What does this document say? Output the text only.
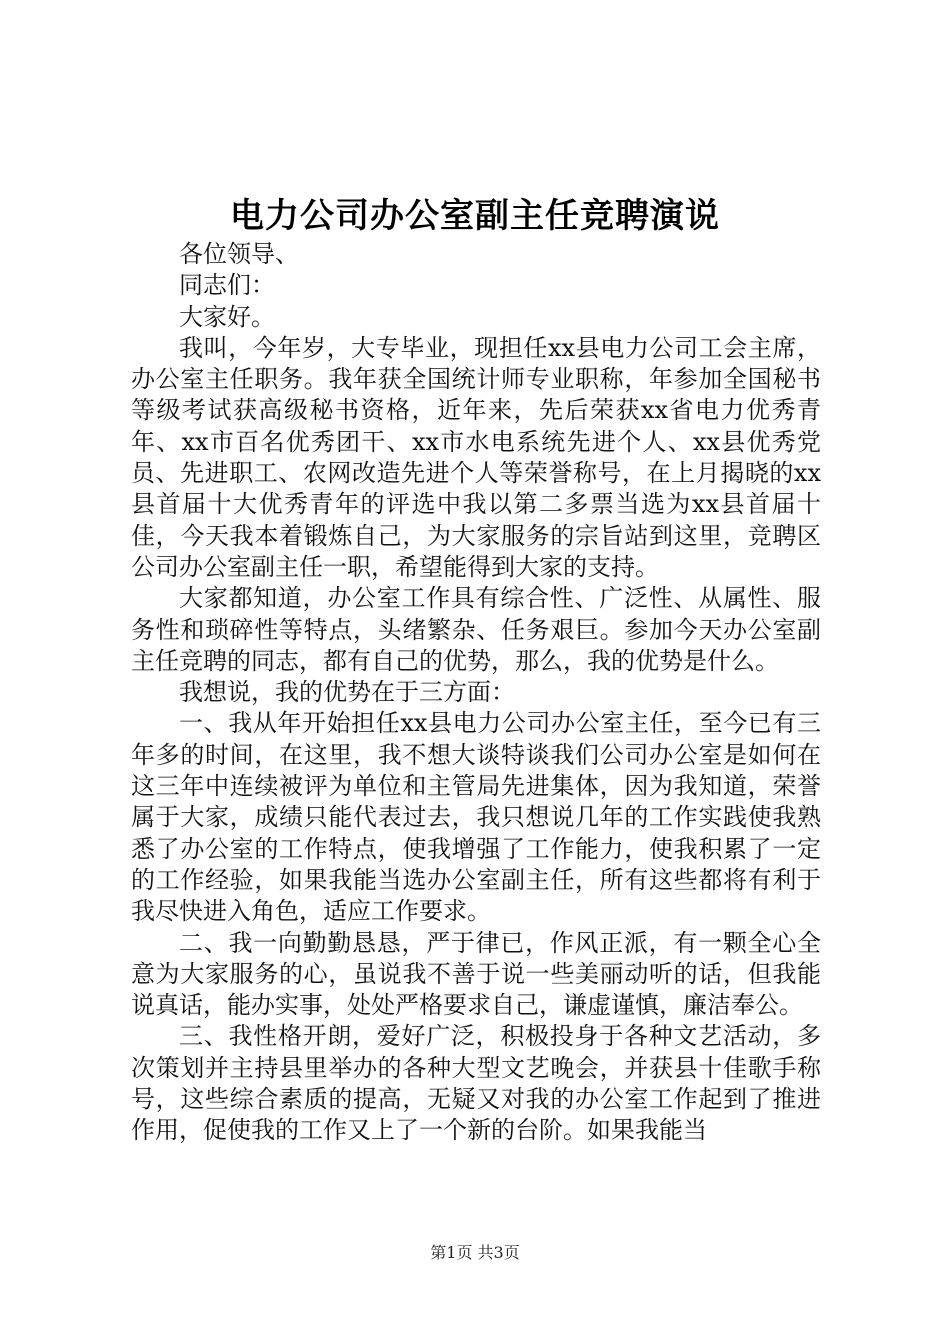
电力公司办公室副主任竞聘演说

各位领导、

同志们：

大家好。

我叫，今年岁，大专毕业，现担任xx县电力公司工会主席，办公室主任职务。我年获全国统计师专业职称，年参加全国秘书等级考试获高级秘书资格，近年来，先后荣获xx省电力优秀青年、xx市百名优秀团干、xx市水电系统先进个人、xx县优秀党员、先进职工、农网改造先进个人等荣誉称号，在上月揭晓的xx县首届十大优秀青年的评选中我以第二多票当选为xx县首届十佳，今天我本着锻炼自己，为大家服务的宗旨站到这里，竞聘区公司办公室副主任一职，希望能得到大家的支持。

大家都知道，办公室工作具有综合性、广泛性、从属性、服务性和琐碎性等特点，头绪繁杂、任务艰巨。参加今天办公室副主任竞聘的同志，都有自己的优势，那么，我的优势是什么。

我想说，我的优势在于三方面：

一、我从年开始担任xx县电力公司办公室主任，至今已有三年多的时间，在这里，我不想大谈特谈我们公司办公室是如何在这三年中连续被评为单位和主管局先进集体，因为我知道，荣誉属于大家，成绩只能代表过去，我只想说几年的工作实践使我熟悉了办公室的工作特点，使我增强了工作能力，使我积累了一定的工作经验，如果我能当选办公室副主任，所有这些都将有利于我尽快进入角色，适应工作要求。

二、我一向勤勤恳恳，严于律已，作风正派，有一颗全心全意为大家服务的心，虽说我不善于说一些美丽动听的话，但我能说真话，能办实事，处处严格要求自己，谦虚谨慎，廉洁奉公。

三、我性格开朗，爱好广泛，积极投身于各种文艺活动，多次策划并主持县里举办的各种大型文艺晚会，并获县十佳歌手称号，这些综合素质的提高，无疑又对我的办公室工作起到了推进作用，促使我的工作又上了一个新的台阶。如果我能当

第1页 共3页
